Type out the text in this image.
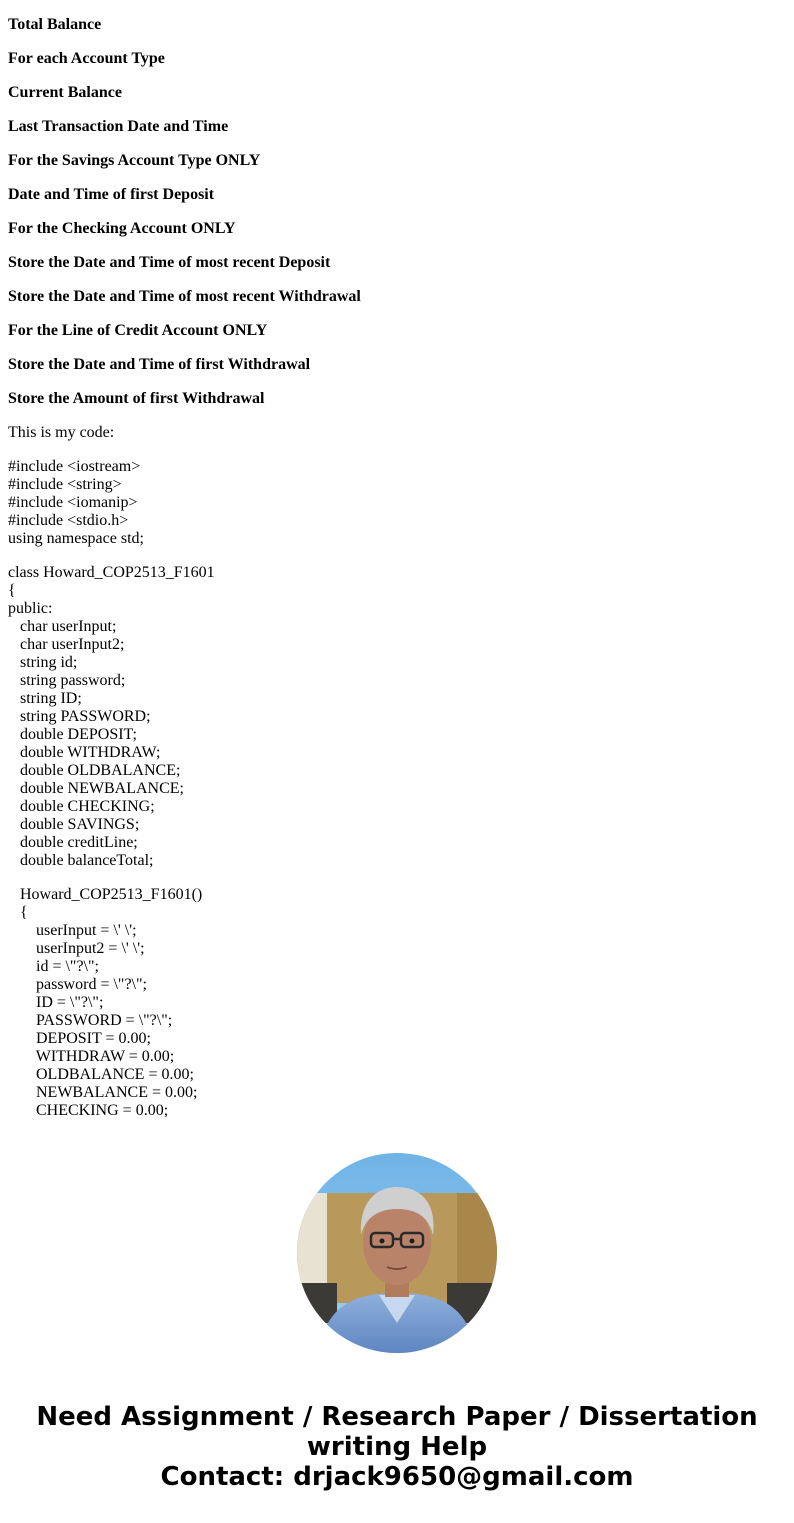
Total Balance
For each Account Type
Current Balance
Last Transaction Date and Time
For the Savings Account Type ONLY
Date and Time of first Deposit
For the Checking Account ONLY
Store the Date and Time of most recent Deposit
Store the Date and Time of most recent Withdrawal
For the Line of Credit Account ONLY
Store the Date and Time of first Withdrawal
Store the Amount of first Withdrawal
This is my code:
#include <iostream>
#include <string>
#include <iomanip>
#include <stdio.h>
using namespace std;
class Howard_COP2513_F1601
{
public:
char userInput;
char userInput2;
string id;
string password;
string ID;
string PASSWORD;
double DEPOSIT;
double WITHDRAW;
double OLDBALANCE;
double NEWBALANCE;
double CHECKING;
double SAVINGS;
double creditLine;
double balanceTotal;
Howard_COP2513_F1601()
{
userInput = \' \';
userInput2 = \' \';
id = \"?\";
password = \"?\";
ID = \"?\";
PASSWORD = \"?\";
DEPOSIT = 0.00;
WITHDRAW = 0.00;
OLDBALANCE = 0.00;
NEWBALANCE = 0.00;
CHECKING = 0.00;
Need Assignment / Research Paper / Dissertation
writing Help
Contact: drjack9650@gmail.com
